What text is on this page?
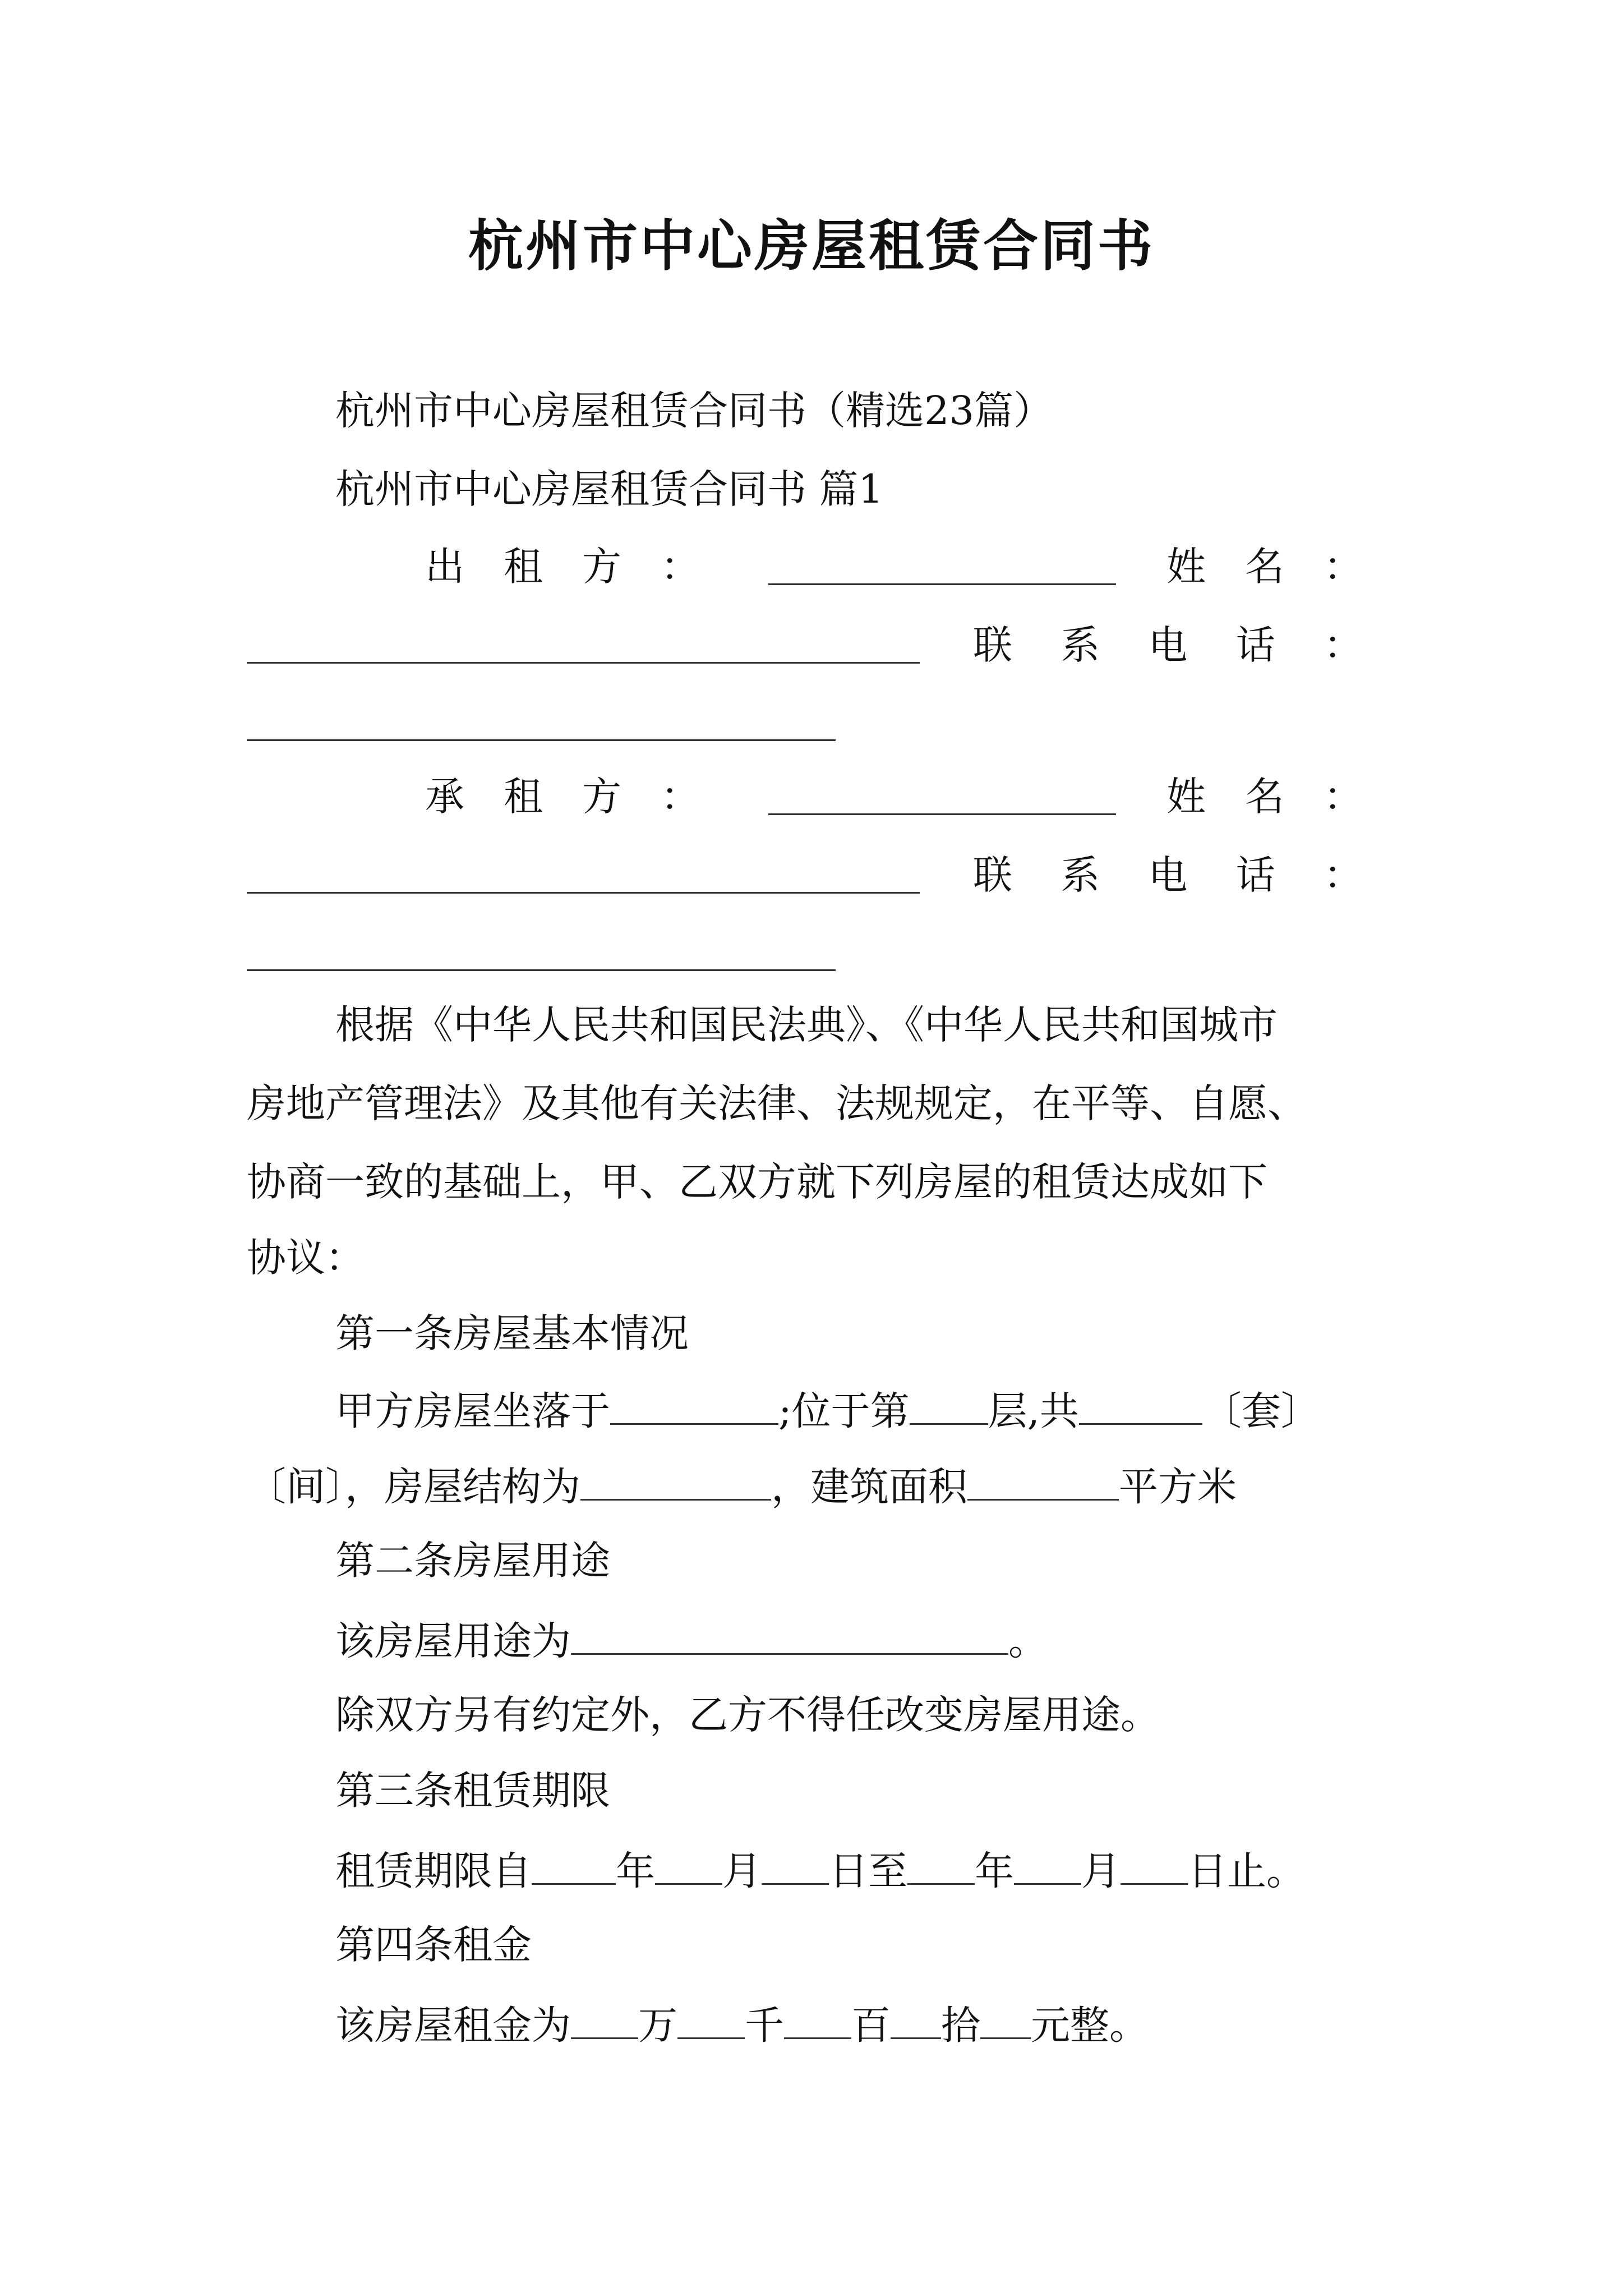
杭州市中心房屋租赁合同书
杭州市中心房屋租赁合同书（精选23篇）
杭州市中心房屋租赁合同书 篇1
出 租 方 ：	姓 名 ：
联 系 电 话 ：
承 租 方 ：	姓 名 ：
联 系 电 话 ：
根据《中华人民共和国民法典》、《中华人民共和国城市
房地产管理法》及其他有关法律、法规规定，在平等、自愿、
协商一致的基础上，甲、乙双方就下列房屋的租赁达成如下
协议：
第一条房屋基本情况
甲方房屋坐落于	;位于第 层,共	〔套〕
〔间〕，房屋结构为	，建筑面积	平方米
第二条房屋用途
该房屋用途为	。
除双方另有约定外，乙方不得任改变房屋用途。
第三条租赁期限
租赁期限自 年 月 日至 年 月 日止。
第四条租金
该房屋租金为 万 千 百 拾 元整。
